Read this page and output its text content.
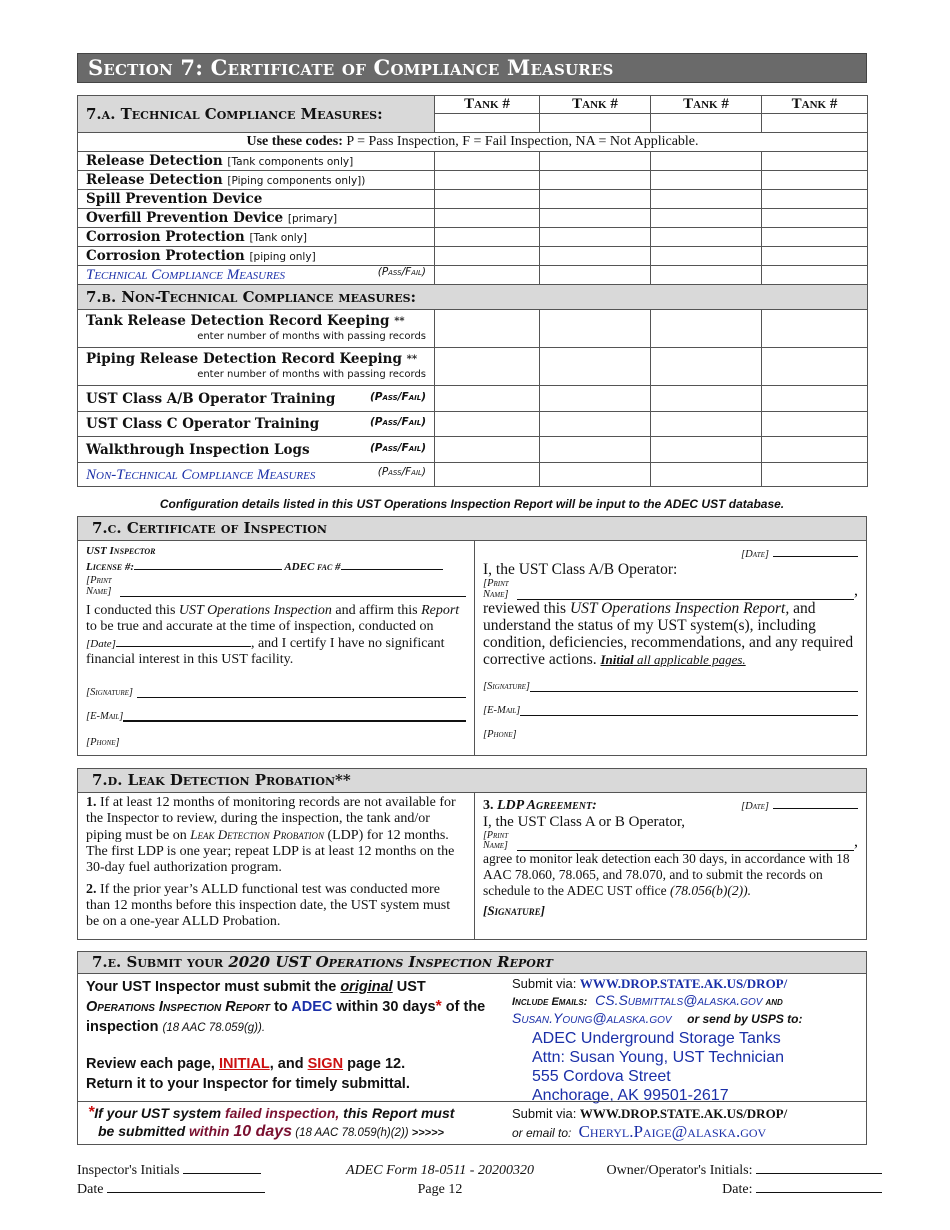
Section 7: Certificate of Compliance Measures
7.a. Technical Compliance Measures:	Tank #	Tank #	Tank #	Tank #

Use these codes: P = Pass Inspection, F = Fail Inspection, NA = Not Applicable.				
Release Detection [Tank components only]				
Release Detection [Piping components only])				
Spill Prevention Device				
Overfill Prevention Device [primary]				
Corrosion Protection [Tank only]				
Corrosion Protection [piping only]				
Technical Compliance Measures (Pass/Fail)				

7.b. Non-Technical Compliance measures:				
Tank Release Detection Record Keeping **
enter number of months with passing records				

Piping Release Detection Record Keeping **
enter number of months with passing records				

UST Class A/B Operator Training (Pass/Fail)				

UST Class C Operator Training (Pass/Fail)				

Walkthrough Inspection Logs (Pass/Fail)				

Non-Technical Compliance Measures (Pass/Fail)				

Configuration details listed in this UST Operations Inspection Report will be input to the ADEC UST database.
7.c. Certificate of Inspection
UST Inspector
License #:	ADEC fac #
[Print
Name]
I conducted this UST Operations Inspection and affirm this Report to be true and accurate at the time of inspection, conducted on [Date]	, and I certify I have no significant financial interest in this UST facility.
[Signature]
[E-Mail]
[Phone]
[Date]
I, the UST Class A/B Operator:
[Print
Name]	,
reviewed this UST Operations Inspection Report, and understand the status of my UST system(s), including condition, deficiencies, recommendations, and any required corrective actions. Initial all applicable pages.
[Signature]
[E-Mail]
[Phone]
7.d. Leak Detection Probation**
1. If at least 12 months of monitoring records are not available for the Inspector to review, during the inspection, the tank and/or piping must be on Leak Detection Probation (LDP) for 12 months. The first LDP is one year; repeat LDP is at least 12 months on the 30-day fuel authorization program.
2. If the prior year’s ALLD functional test was conducted more than 12 months before this inspection date, the UST system must be on a one-year ALLD Probation.
3. LDP Agreement:	[Date]
I, the UST Class A or B Operator,
[Print
Name]	,
agree to monitor leak detection each 30 days, in accordance with 18 AAC 78.060, 78.065, and 78.070, and to submit the records on schedule to the ADEC UST office (78.056(b)(2)).
[Signature]
7.e. Submit your 2020 UST Operations Inspection Report
Your UST Inspector must submit the original UST Operations Inspection Report to ADEC within 30 days* of the inspection (18 AAC 78.059(g)).
Review each page, INITIAL, and SIGN page 12.
Return it to your Inspector for timely submittal.
Submit via: WWW.DROP.STATE.AK.US/DROP/
Include Emails: CS.Submittals@alaska.gov and
Susan.Young@alaska.gov or send by USPS to:
ADEC Underground Storage Tanks
Attn: Susan Young, UST Technician
555 Cordova Street
Anchorage, AK 99501-2617
*If your UST system failed inspection, this Report must
be submitted within 10 days (18 AAC 78.059(h)(2)) >>>>>
Submit via: WWW.DROP.STATE.AK.US/DROP/
or email to: Cheryl.Paige@alaska.gov
Inspector's Initials
Date
ADEC Form 18-0511 - 20200320
Page 12
Owner/Operator's Initials:
Date:
